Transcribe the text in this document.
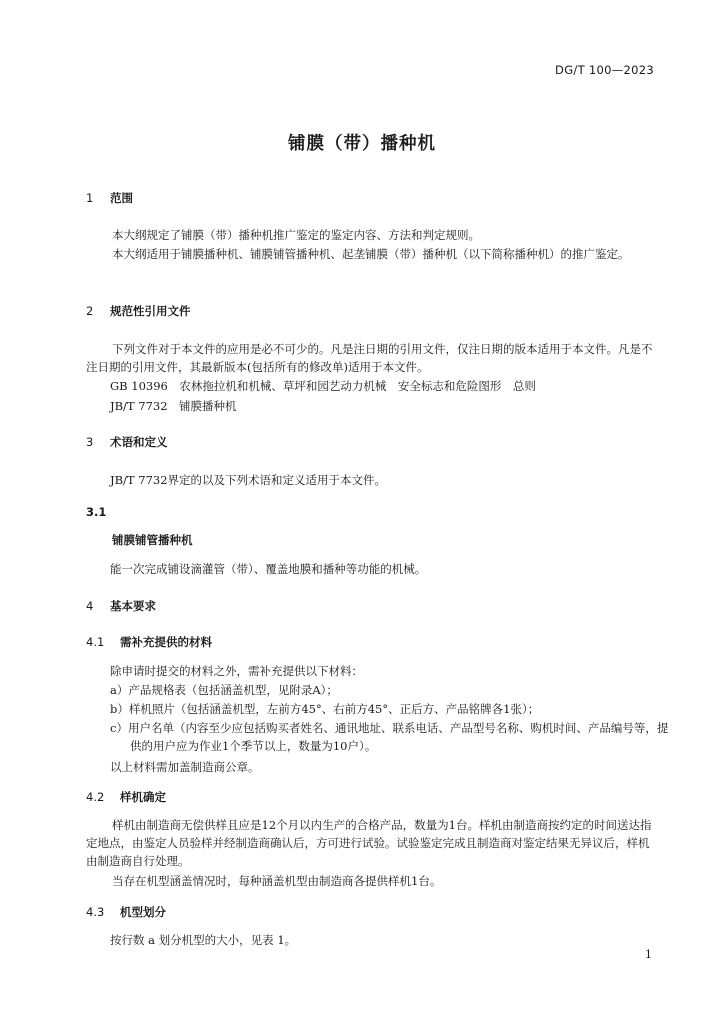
DG/T 100—2023
铺膜（带）播种机
1 范围
本大纲规定了铺膜（带）播种机推广鉴定的鉴定内容、方法和判定规则。
本大纲适用于铺膜播种机、铺膜铺管播种机、起垄铺膜（带）播种机（以下简称播种机）的推广鉴定。
2 规范性引用文件
下列文件对于本文件的应用是必不可少的。凡是注日期的引用文件，仅注日期的版本适用于本文件。凡是不注日期的引用文件，其最新版本(包括所有的修改单)适用于本文件。
GB 10396　农林拖拉机和机械、草坪和园艺动力机械　安全标志和危险图形　总则
JB/T 7732　铺膜播种机
3 术语和定义
JB/T 7732界定的以及下列术语和定义适用于本文件。
3.1
铺膜铺管播种机
能一次完成铺设滴灌管（带）、覆盖地膜和播种等功能的机械。
4 基本要求
4.1 需补充提供的材料
除申请时提交的材料之外，需补充提供以下材料：
a）产品规格表（包括涵盖机型，见附录A）；
b）样机照片（包括涵盖机型，左前方45°、右前方45°、正后方、产品铭牌各1张）；
c）用户名单（内容至少应包括购买者姓名、通讯地址、联系电话、产品型号名称、购机时间、产品编号等，提供的用户应为作业1个季节以上，数量为10户）。
以上材料需加盖制造商公章。
4.2 样机确定
样机由制造商无偿供样且应是12个月以内生产的合格产品，数量为1台。样机由制造商按约定的时间送达指定地点，由鉴定人员验样并经制造商确认后，方可进行试验。试验鉴定完成且制造商对鉴定结果无异议后，样机由制造商自行处理。
当存在机型涵盖情况时，每种涵盖机型由制造商各提供样机1台。
4.3 机型划分
按行数 a 划分机型的大小，见表 1。
1
